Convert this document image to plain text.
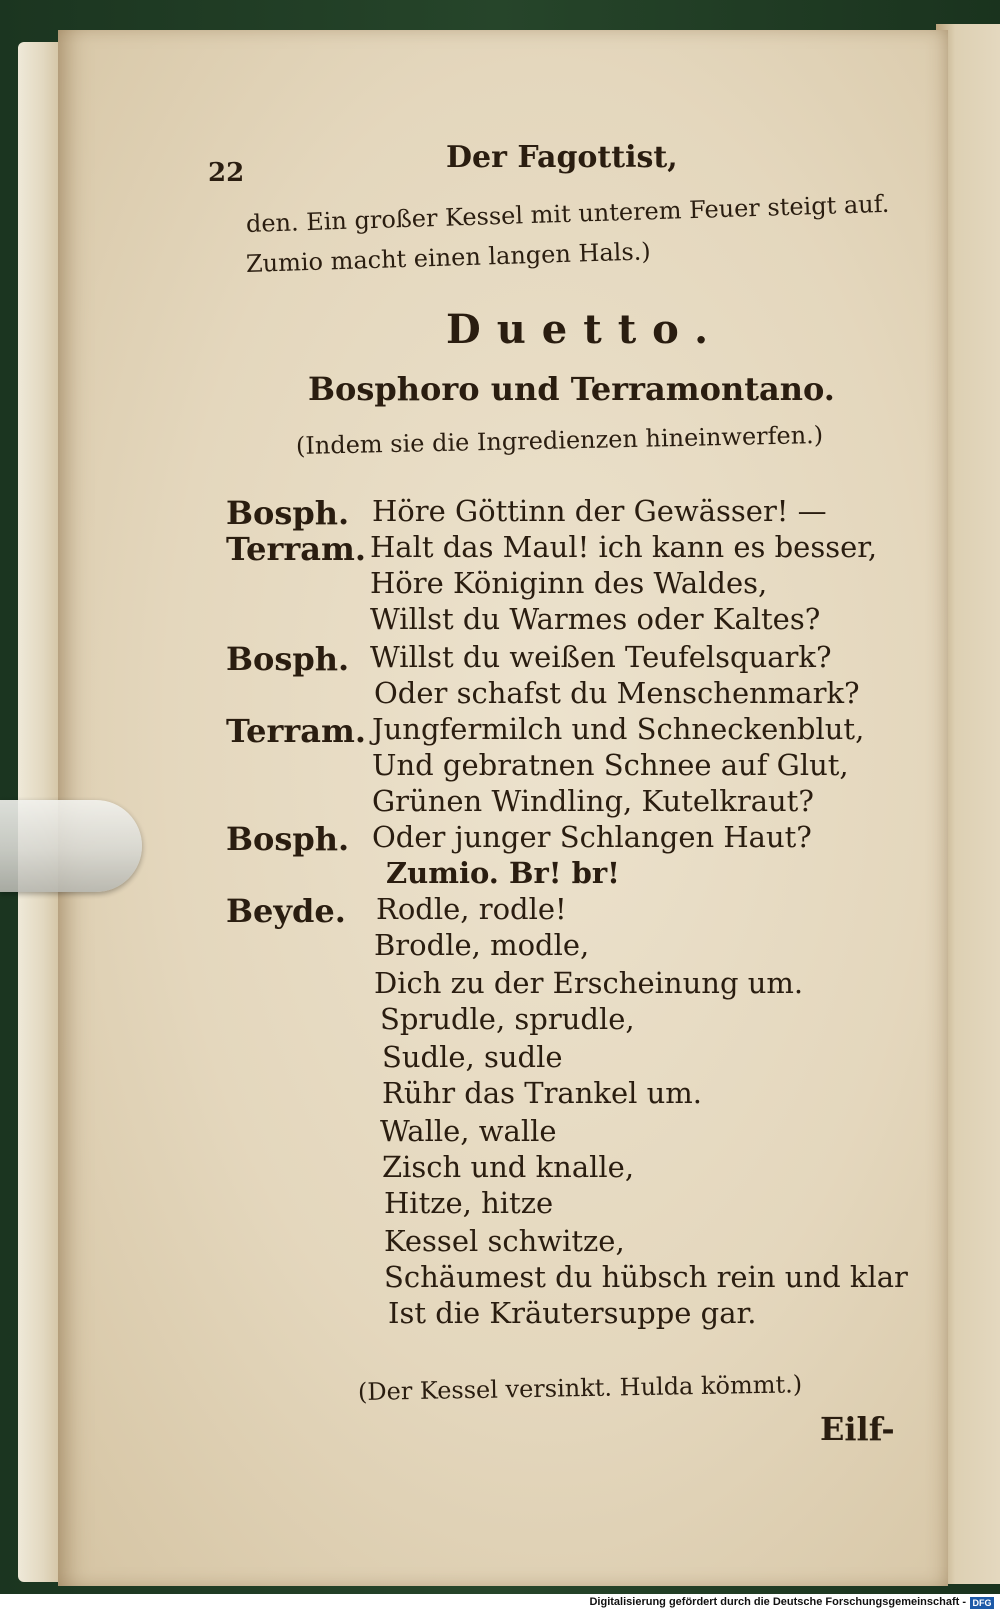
22	Der Fagottist,
den. Ein großer Kessel mit unterem Feuer steigt auf.
Zumio macht einen langen Hals.)
Duetto.
Bosphoro und Terramontano.
(Indem sie die Ingredienzen hineinwerfen.)
Bosph.
Terram.
Bosph.
Terram.
Bosph.
Beyde.
Höre Göttinn der Gewässer! —
Halt das Maul! ich kann es besser,
Höre Königinn des Waldes,
Willst du Warmes oder Kaltes?
Willst du weißen Teufelsquark?
Oder schafst du Menschenmark?
Jungfermilch und Schneckenblut,
Und gebratnen Schnee auf Glut,
Grünen Windling, Kutelkraut?
Oder junger Schlangen Haut?
Zumio. Br! br!
Rodle, rodle!
Brodle, modle,
Dich zu der Erscheinung um.
Sprudle, sprudle,
Sudle, sudle
Rühr das Trankel um.
Walle, walle
Zisch und knalle,
Hitze, hitze
Kessel schwitze,
Schäumest du hübsch rein und klar
Ist die Kräutersuppe gar.
(Der Kessel versinkt. Hulda kömmt.)
Eilf-
Digitalisierung gefördert durch die Deutsche Forschungsgemeinschaft - DFG
